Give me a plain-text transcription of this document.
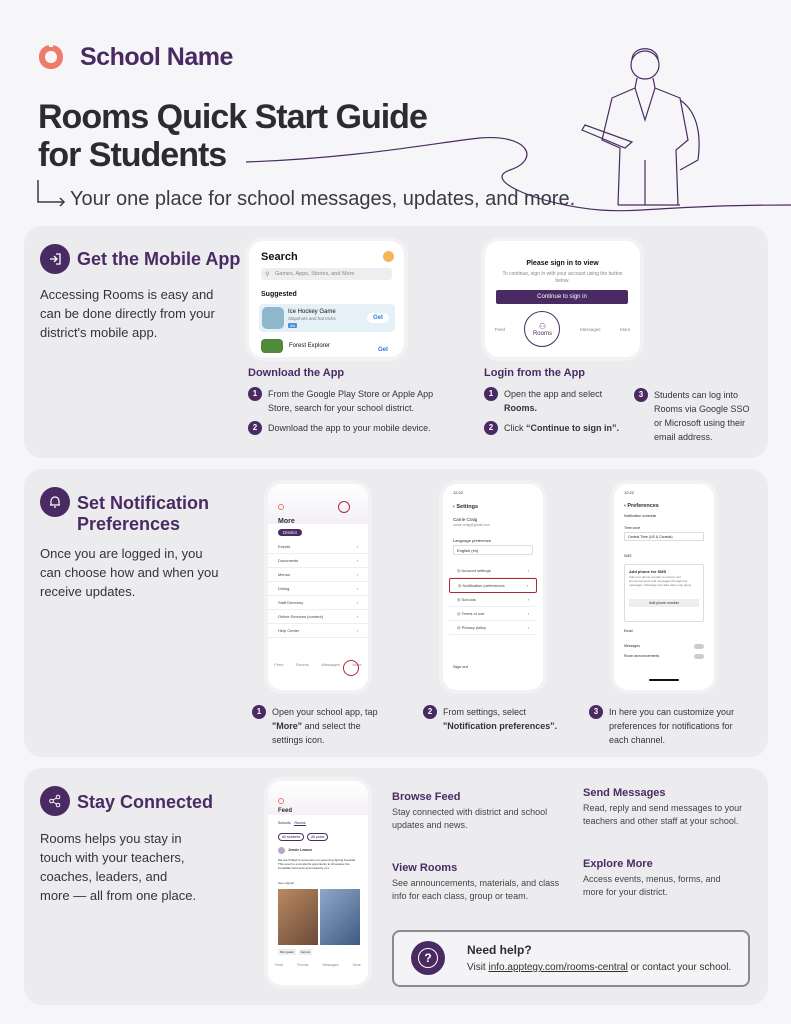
School Name
Rooms Quick Start Guide for Students
Your one place for school messages, updates, and more.
Get the Mobile App
Accessing Rooms is easy and can be done directly from your district's mobile app.
Search
Games, Apps, Stories, and More
⚲
Suggested
Ice Hockey Game
Slapshots and hat tricks
Ad
Get
Forest Explorer
Get
Please sign in to view
To continue, sign in with your account using the button below.
Continue to sign in
Feed	⚇
Rooms
Messages	More
Download the App
1	From the Google Play Store or Apple App Store, search for your school district.
2	Download the app to your mobile device.
Login from the App
1	Open the app and select
Rooms.
2	Click “Continue to sign in”.
3	Students can log into Rooms via Google SSO or Microsoft using their email address.
Set Notification
Preferences
Once you are logged in, you can choose how and when you receive updates.
More
District
Events	›
Documents	›
Menus	›
Dining	›
Staff Directory	›
Online Services (content)	›
Help Center	›
Feed	Rooms	Messages	More
12:22
‹ Settings
Carrie Craig
carrie.craig@gmail.com
Language preference
English (en)
◎ Account settings	›
◎ Notification preferences	›
◎ Schools	›
◎ Terms of use	›
◎ Privacy policy	›
Sign out
12:22
‹ Preferences
Notification schedule
Time zone
Central Time (US & Canada)
SMS
Add phone for SMS
Add your phone number to receive text announcements and messages through text messages. Message and data rates may apply.
Add phone number
Email
Messages
Room announcements
1	Open your school app, tap "More" and select the settings icon.
2	From settings, select
"Notification preferences".
3	In here you can customize your preferences for notifications for each channel.
Stay Connected
Rooms helps you stay in touch with your teachers, coaches, leaders, and more — all from one place.
Feed
Schools Rooms
All students	All posts
Jennie Leanne
We are thrilled to announce our upcoming Spring Festival! This event is a wonderful opportunity to showcase the incredible hard work and creativity of o...
See original
Mini goals	Juniors
Feed	Rooms	Messages	More
Browse Feed
Stay connected with district and school updates and news.
Send Messages
Read, reply and send messages to your teachers and other staff at your school.
View Rooms
See announcements, materials, and class info for each class, group or team.
Explore More
Access events, menus, forms, and more for your district.
?
Need help?
Visit info.apptegy.com/rooms-central or contact your school.
